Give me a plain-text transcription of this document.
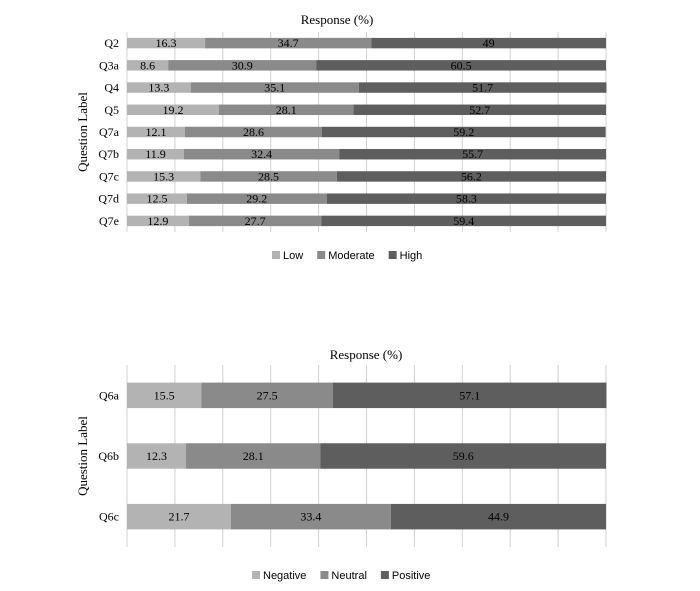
Response (%)
Question Label
16.3	34.7	49
Q2
8.6	30.9	60.5
Q3a
13.3	35.1	51.7
Q4
19.2	28.1	52.7
Q5
12.1	28.6	59.2
Q7a
11.9	32.4	55.7
Q7b
15.3	28.5	56.2
Q7c
12.5	29.2	58.3
Q7d
12.9	27.7	59.4
Q7e
Low Moderate High
Response (%)
Question Label
15.5	27.5	57.1
Q6a
12.3	28.1	59.6
Q6b
21.7	33.4	44.9
Q6c
Negative Neutral Positive
